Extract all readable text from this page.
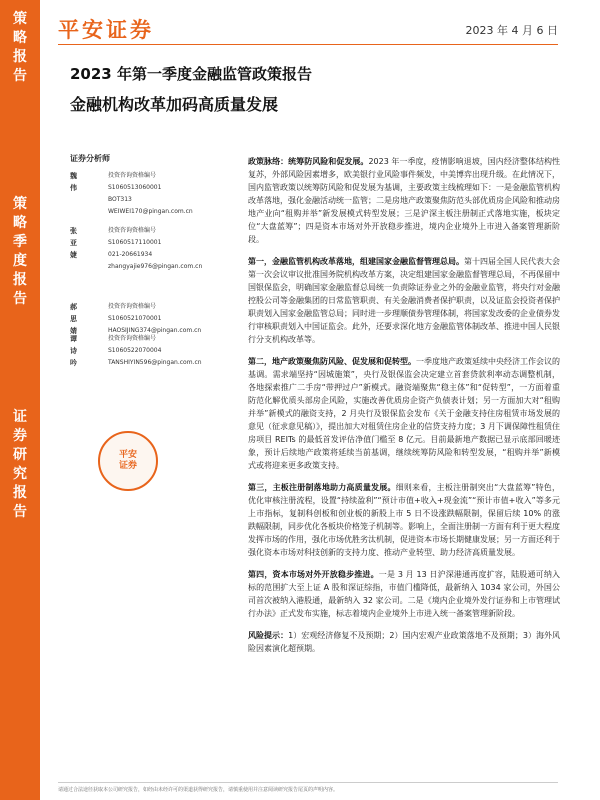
策
略
报
告
策
略
季
度
报
告
证
券
研
究
报
告
平安证券	2023 年 4 月 6 日
2023 年第一季度金融监管政策报告
金融机构改革加码高质量发展
证券分析师
魏伟
投资咨询资格编号
S1060513060001
BOT313
WEIWEI170@pingan.com.cn
张亚婕
投资咨询资格编号
S1060517110001
021-20661934
zhangyajie976@pingan.com.cn
郝思婧
投资咨询资格编号
S1060521070001
HAOSIJING374@pingan.com.cn
谭诗吟
投资咨询资格编号
S1060522070004
TANSHIYIN596@pingan.com.cn
平安
证券

政策脉络：统筹防风险和促发展。2023 年一季度，疫情影响退坡，国内经济整体结构性复苏，外部风险因素增多，欧美银行业风险事件频发，中美博弈出现升级。在此情况下，国内监管政策以统筹防风险和促发展为基调，主要政策主线梳理如下：一是金融监管机构改革落地，强化金融活动统一监管；二是房地产政策聚焦防范头部优质房企风险和推动房地产业向“租购并举”新发展模式转型发展；三是沪深主板注册制正式落地实施，板块定位“大盘蓝筹”；四是资本市场对外开放稳步推进，境内企业境外上市进入备案管理新阶段。

第一，金融监管机构改革落地，组建国家金融监督管理总局。第十四届全国人民代表大会第一次会议审议批准国务院机构改革方案，决定组建国家金融监督管理总局，不再保留中国银保监会，明确国家金融监督总局统一负责除证券业之外的金融业监管，将央行对金融控股公司等金融集团的日常监管职责、有关金融消费者保护职责，以及证监会投资者保护职责划入国家金融监管总局；同时进一步理顺债券管理体制，将国家发改委的企业债券发行审核职责划入中国证监会。此外，还要求深化地方金融监管体制改革、推进中国人民银行分支机构改革等。

第二，地产政策聚焦防风险、促发展和促转型。一季度地产政策延续中央经济工作会议的基调。需求端坚持“因城施策”，央行及银保监会决定建立首套贷款利率动态调整机制，各地探索推广二手房“带押过户”新模式。融资端聚焦“稳主体”和“促转型”，一方面着重防范化解优质头部房企风险，实施改善优质房企资产负债表计划；另一方面加大对“租购并举”新模式的融资支持，2 月央行及银保监会发布《关于金融支持住房租赁市场发展的意见（征求意见稿）》，提出加大对租赁住房企业的信贷支持力度；3 月下调保障性租赁住房项目 REITs 的最低首发评估净值门槛至 8 亿元。目前最新地产数据已显示底部回暖迹象，预计后续地产政策将延续当前基调，继续统筹防风险和转型发展，“租购并举”新模式或将迎来更多政策支持。

第三，主板注册制落地助力高质量发展。细则来看，主板注册制突出“大盘蓝筹”特色，优化审核注册流程，设置“持续盈利”“预计市值+收入+现金流”“预计市值+收入”等多元上市指标，复制科创板和创业板的新股上市 5 日不设涨跌幅限制，保留后续 10% 的涨跌幅限制，同步优化各板块价格笼子机制等。影响上，全面注册制一方面有利于更大程度发挥市场的作用，强化市场优胜劣汰机制，促进资本市场长期健康发展；另一方面还利于强化资本市场对科技创新的支持力度、推动产业转型、助力经济高质量发展。

第四，资本市场对外开放稳步推进。一是 3 月 13 日沪深港通再度扩容，陆股通可纳入标的范围扩大至上证 A 股和深证综指，市值门槛降低，最新纳入 1034 家公司，外国公司首次被纳入港股通，最新纳入 32 家公司。二是《境内企业境外发行证券和上市管理试行办法》正式发布实施，标志着境内企业境外上市进入统一备案管理新阶段。

风险提示：1）宏观经济修复不及预期；2）国内宏观产业政策落地不及预期；3）海外风险因素演化超预期。

请通过合法途径获取本公司研究报告，如经由未经许可的渠道获得研究报告，请慎重使用并注意阅读研究报告尾页的声明内容。
